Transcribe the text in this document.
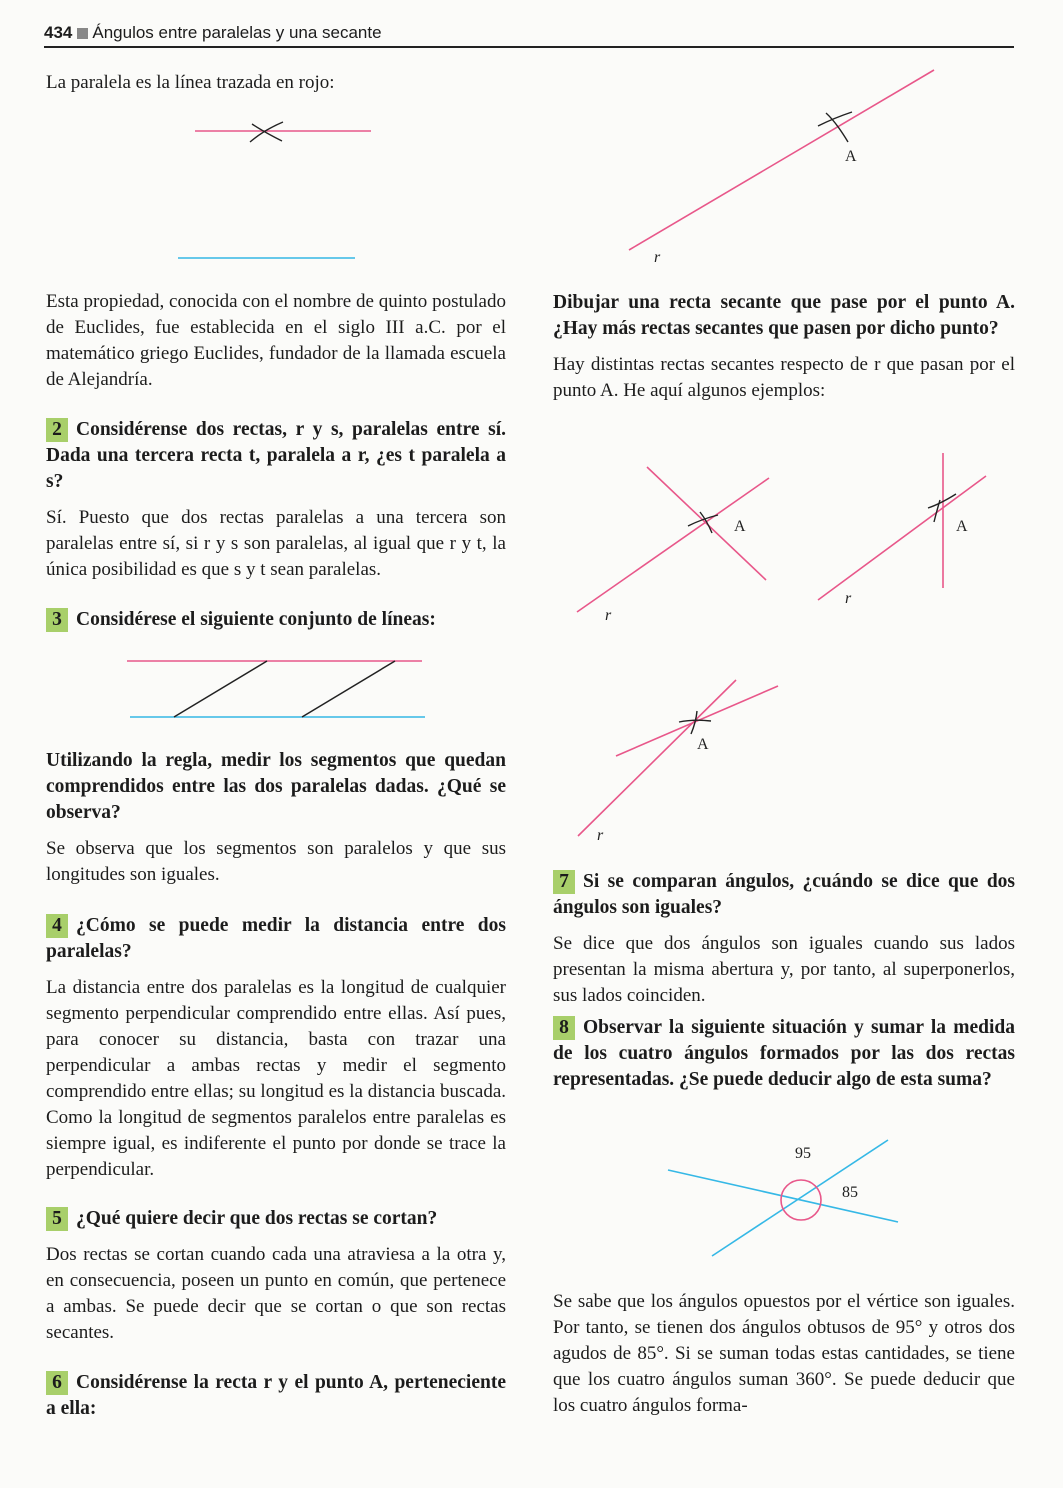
434 Ángulos entre paralelas y una secante

La paralela es la línea trazada en rojo:

Esta propiedad, conocida con el nombre de quinto postulado de Euclides, fue establecida en el siglo III a.C. por el matemático griego Euclides, fundador de la llamada escuela de Alejandría.

2 Considérense dos rectas, r y s, paralelas entre sí. Dada una tercera recta t, paralela a r, ¿es t paralela a s?

Sí. Puesto que dos rectas paralelas a una tercera son paralelas entre sí, si r y s son paralelas, al igual que r y t, la única posibilidad es que s y t sean paralelas.

3 Considérese el siguiente conjunto de líneas:

Utilizando la regla, medir los segmentos que quedan comprendidos entre las dos paralelas dadas. ¿Qué se observa?

Se observa que los segmentos son paralelos y que sus longitudes son iguales.

4 ¿Cómo se puede medir la distancia entre dos paralelas?

La distancia entre dos paralelas es la longitud de cualquier segmento perpendicular comprendido entre ellas. Así pues, para conocer su distancia, basta con trazar una perpendicular a ambas rectas y medir el segmento comprendido entre ellas; su longitud es la distancia buscada. Como la longitud de segmentos paralelos entre paralelas es siempre igual, es indiferente el punto por donde se trace la perpendicular.

5 ¿Qué quiere decir que dos rectas se cortan?

Dos rectas se cortan cuando cada una atraviesa a la otra y, en consecuencia, poseen un punto en común, que pertenece a ambas. Se puede decir que se cortan o que son rectas secantes.

6 Considérense la recta r y el punto A, perteneciente a ella:

A
r

Dibujar una recta secante que pase por el punto A. ¿Hay más rectas secantes que pasen por dicho punto?

Hay distintas rectas secantes respecto de r que pasan por el punto A. He aquí algunos ejemplos:

A
r
A
r
A
r

7 Si se comparan ángulos, ¿cuándo se dice que dos ángulos son iguales?

Se dice que dos ángulos son iguales cuando sus lados presentan la misma abertura y, por tanto, al superponerlos, sus lados coinciden.

8 Observar la siguiente situación y sumar la medida de los cuatro ángulos formados por las dos rectas representadas. ¿Se puede deducir algo de esta suma?

95
85

Se sabe que los ángulos opuestos por el vértice son iguales. Por tanto, se tienen dos ángulos obtusos de 95° y otros dos agudos de 85°. Si se suman todas estas cantidades, se tiene que los cuatro ángulos suman 360°. Se puede deducir que los cuatro ángulos forma-
